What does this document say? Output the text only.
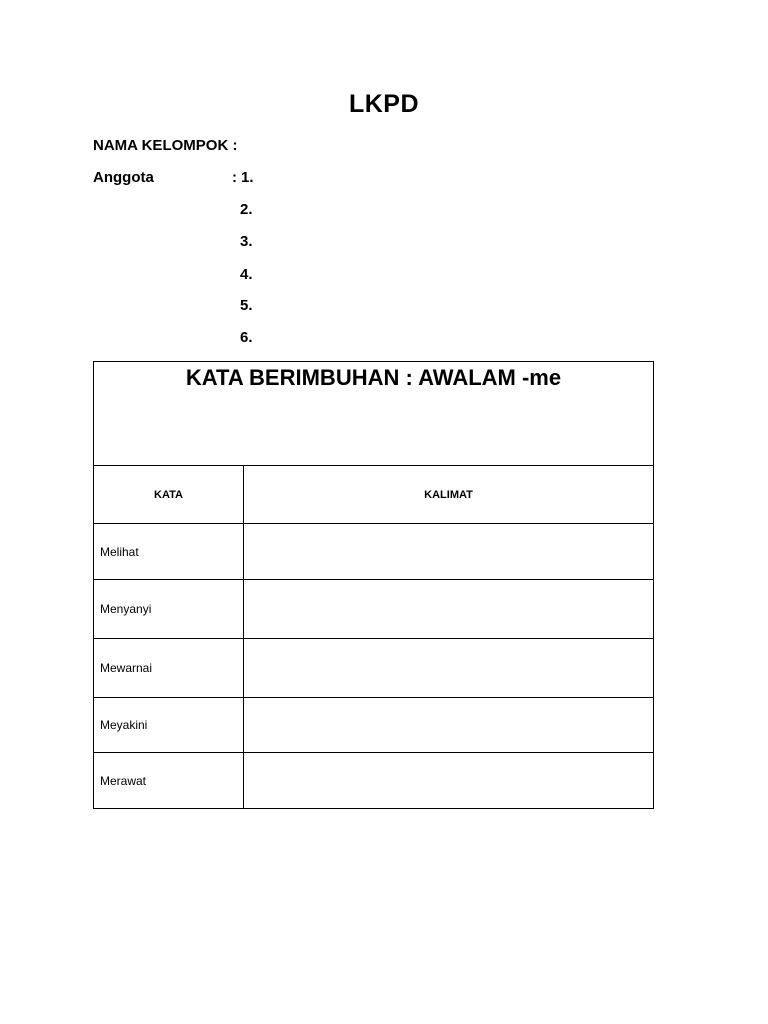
LKPD
NAMA KELOMPOK :
Anggota	: 1.
2.
3.
4.
5.
6.
KATA BERIMBUHAN : AWALAM -me	

KATA	KALIMAT
Melihat	
Menyanyi	
Mewarnai	
Meyakini	
Merawat	
